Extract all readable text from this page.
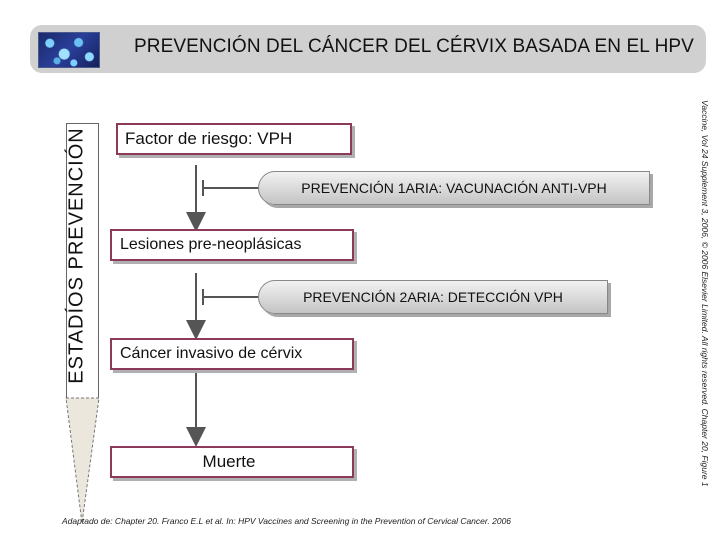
PREVENCIÓN DEL CÁNCER DEL CÉRVIX BASADA EN EL HPV
ESTADÍOS PREVENCIÓN Factor de riesgo: VPH
Lesiones pre-neoplásicas
Cáncer invasivo de cérvix
Muerte
PREVENCIÓN 1ARIA: VACUNACIÓN ANTI-VPH
PREVENCIÓN 2ARIA: DETECCIÓN VPH	Vaccine, Vol 24 Supplement 3, 2006, © 2006 Elsevier Limited. All rights reserved. Chapter 20, Figure 1
Adaptado de: Chapter 20. Franco E.L et al. In: HPV Vaccines and Screening in the Prevention of Cervical Cancer. 2006
